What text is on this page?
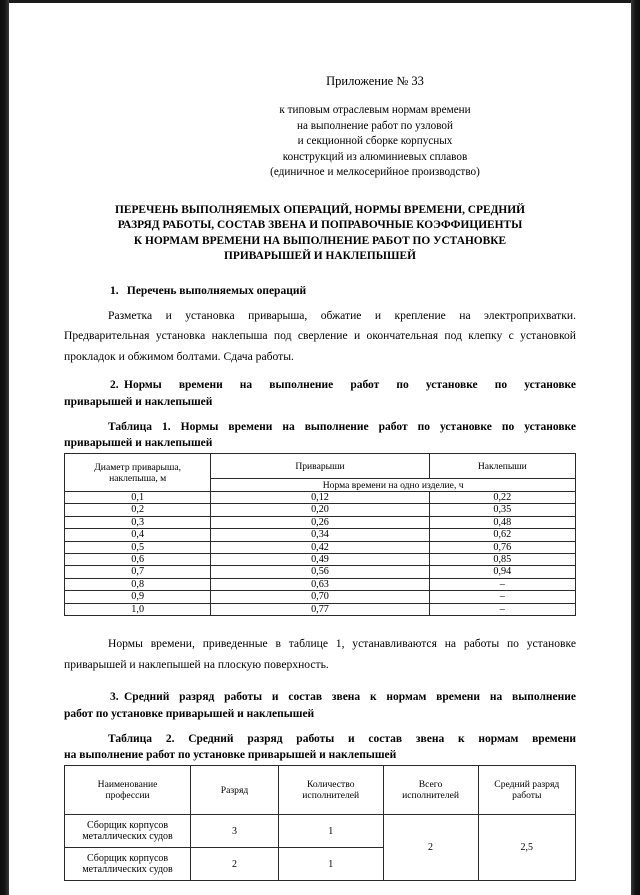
Приложение № 33
к типовым отраслевым нормам времени
на выполнение работ по узловой
и секционной сборке корпусных
конструкций из алюминиевых сплавов
(единичное и мелкосерийное производство)
ПЕРЕЧЕНЬ ВЫПОЛНЯЕМЫХ ОПЕРАЦИЙ, НОРМЫ ВРЕМЕНИ, СРЕДНИЙ
РАЗРЯД РАБОТЫ, СОСТАВ ЗВЕНА И ПОПРАВОЧНЫЕ КОЭФФИЦИЕНТЫ
К НОРМАМ ВРЕМЕНИ НА ВЫПОЛНЕНИЕ РАБОТ ПО УСТАНОВКЕ
ПРИВАРЫШЕЙ И НАКЛЕПЫШЕЙ
1. Перечень выполняемых операций

Разметка и установка приварыша, обжатие и крепление на электроприхватки. Предварительная установка наклепыша под сверление и окончательная под клепку с установкой прокладок и обжимом болтами. Сдача работы.

2. Нормы времени на выполнение работ по установке по установке
приварышей и наклепышей
Таблица 1. Нормы времени на выполнение работ по установке по установке
приварышей и наклепышей
Диаметр приварыша,
наклепыша, м	Приварыши	Наклепыши
	Норма времени на одно изделие, ч	
0,1	0,12	0,22
0,2	0,20	0,35
0,3	0,26	0,48
0,4	0,34	0,62
0,5	0,42	0,76
0,6	0,49	0,85
0,7	0,56	0,94
0,8	0,63	–
0,9	0,70	–
1,0	0,77	–

Нормы времени, приведенные в таблице 1, устанавливаются на работы по установке приварышей и наклепышей на плоскую поверхность.

3. Средний разряд работы и состав звена к нормам времени на выполнение
работ по установке приварышей и наклепышей
Таблица 2. Средний разряд работы и состав звена к нормам времени
на выполнение работ по установке приварышей и наклепышей
Наименование
профессии	Разряд	Количество
исполнителей	Всего
исполнителей	Средний разряд
работы
Сборщик корпусов
металлических судов	3	1	2	2,5
Сборщик корпусов
металлических судов	2	1		
